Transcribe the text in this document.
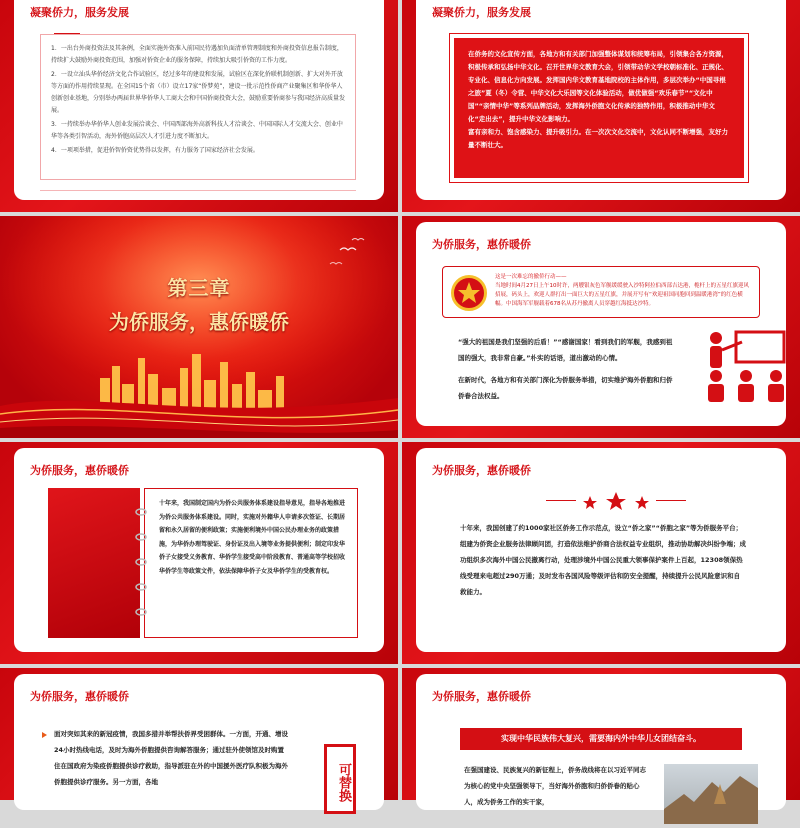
凝聚侨力，服务发展

1．一出台外商投资法及其条例，全面实施外资准入前国民待遇加负面清单管理制度和外商投资信息报告制度，持续扩大鼓励外商投资范围，加强对侨资企业的服务保障，持续加大吸引侨资的工作力度。

2．一设立汕头华侨经济文化合作试验区，经过多年的建设和发展，试验区在深化侨联机制创新、扩大对外开放等方面的作用持续显现。在全国15个省（市）设立17家“侨梦苑”，建设一批示范性侨商产业聚集区和华侨华人创新创业基地，分别举办两届世界华侨华人工商大会和中国侨商投资大会，鼓励重要侨商参与我国经济高质量发展。

3．一持续举办华侨华人创业发展洽谈会、中国西部海外高新科技人才洽谈会、中国国际人才交流大会、创业中华等各类引智活动，海外侨胞高层次人才引进力度不断加大。

4．一项项举措，促进侨智侨资优势得以发挥，有力服务了国家经济社会发展。

凝聚侨力，服务发展

在侨务的文化宣传方面，各地方和有关部门加强整体谋划和统筹布局，引领集合各方资源，积极传承和弘扬中华文化。召开世界华文教育大会，引领带动华文学校朝标准化、正规化、专业化、信息化方向发展。发挥国内华文教育基地院校的主体作用，多层次举办“中国寻根之旅”夏（冬）令营、中华文化大乐园等文化体验活动，做优做强“欢乐春节”“文化中国”“亲情中华”等系列品牌活动，发挥海外侨胞文化传承的独特作用，积极推动中华文化“走出去”，提升中华文化影响力。

富有亲和力、饱含感染力、提升吸引力。在一次次文化交流中，文化认同不断增强，友好力量不断壮大。

第三章
为侨服务，惠侨暖侨
为侨服务，惠侨暖侨
这是一次难忘的撤侨行动——
当地时间4月27日上午10时许，两艘银灰色军舰缓缓驶入沙特阿拉伯西部吉达港，桅杆上的五星红旗迎风招展，码头上，欢迎人群打出一面巨大的五星红旗，并展开写有“欢迎祖国同胞回到温暖港湾”的红色横幅。中国海军军舰载着678名从苏丹撤离人员穿越红海抵达沙特。

“强大的祖国是我们坚强的后盾！”“感谢国家！看到我们的军舰，我感到祖国的强大，我非常自豪。”朴实的话语，道出激动的心情。

在新时代，各地方和有关部门深化为侨服务举措，切实维护海外侨胞和归侨侨眷合法权益。

为侨服务，惠侨暖侨

十年来，我国制定国内为侨公共服务体系建设指导意见，指导各地推进为侨公共服务体系建设。同时，实施对外籍华人申请多次签证、长期居留和永久居留的便利政策；实施便利境外中国公民办理业务的政策措施，为华侨办理驾驶证、身份证及出入境等业务提供便利；制定印发华侨子女接受义务教育、华侨学生接受高中阶段教育、普通高等学校招收华侨学生等政策文件，依法保障华侨子女及华侨学生的受教育权。

为侨服务，惠侨暖侨
十年来，我国创建了约1000家社区侨务工作示范点，设立“侨之家”“侨胞之家”等为侨服务平台；组建为侨资企业服务法律顾问团，打造依法维护侨商合法权益专业组织，推动协助解决纠纷争端；成功组织多次海外中国公民撤离行动，处理涉境外中国公民重大领事保护案件上百起，12308领保热线受理来电超过290万通；及时发布各国风险等级评估和防安全提醒，持续提升公民风险意识和自救能力。
为侨服务，惠侨暖侨

面对突如其来的新冠疫情，我国多措并举帮扶侨界受困群体。一方面，开通、增设24小时热线电话，及时为海外侨胞提供咨询解答服务；通过驻外使领馆及时购置住在国政府为染疫侨胞提供诊疗救助，指导派驻在外的中国援外医疗队积极为海外侨胞提供诊疗服务。另一方面，各地	可替换
为侨服务，惠侨暖侨
实现中华民族伟大复兴，需要海内外中华儿女团结奋斗。
在强国建设、民族复兴的新征程上，侨务战线将在以习近平同志为核心的党中央坚强领导下，当好海外侨胞和归侨侨眷的贴心人，成为侨务工作的实干家，
